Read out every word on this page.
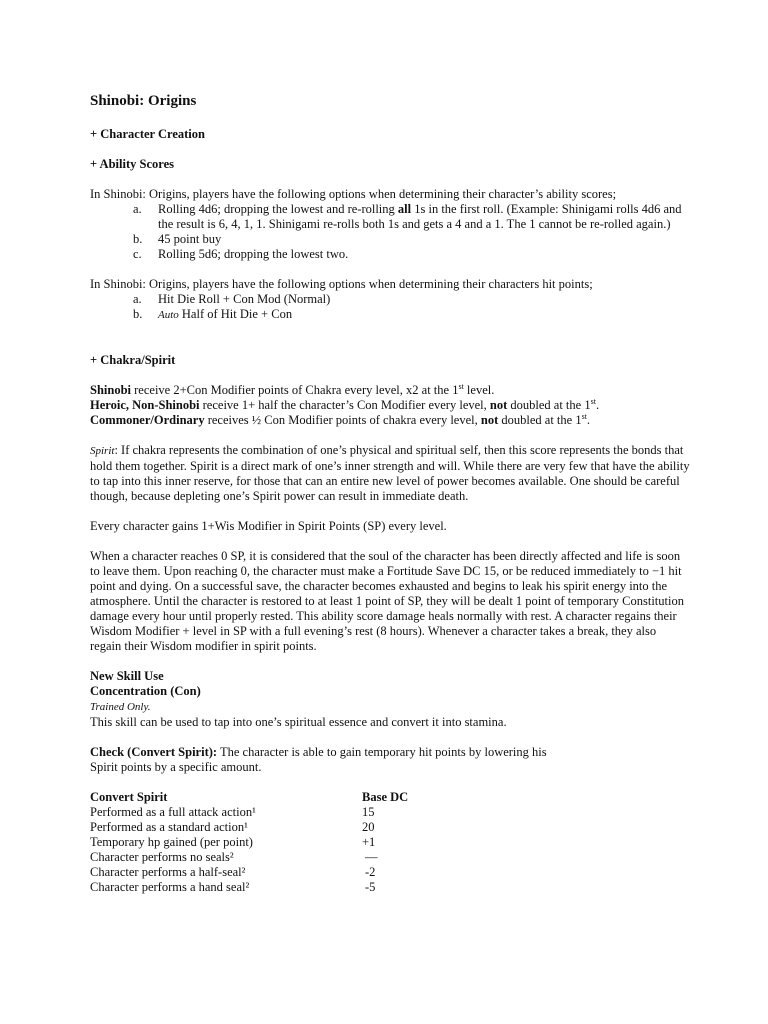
Shinobi: Origins
+ Character Creation
+ Ability Scores
In Shinobi: Origins, players have the following options when determining their character’s ability scores;
a. Rolling 4d6; dropping the lowest and re-rolling all 1s in the first roll. (Example: Shinigami rolls 4d6 and the result is 6, 4, 1, 1. Shinigami re-rolls both 1s and gets a 4 and a 1. The 1 cannot be re-rolled again.)
b. 45 point buy
c. Rolling 5d6; dropping the lowest two.
In Shinobi: Origins, players have the following options when determining their characters hit points;
a. Hit Die Roll + Con Mod (Normal)
b. Auto Half of Hit Die + Con
+ Chakra/Spirit

Shinobi receive 2+Con Modifier points of Chakra every level, x2 at the 1st level.
Heroic, Non-Shinobi receive 1+ half the character’s Con Modifier every level, not doubled at the 1st.
Commoner/Ordinary receives ½ Con Modifier points of chakra every level, not doubled at the 1st.

Spirit: If chakra represents the combination of one’s physical and spiritual self, then this score represents the bonds that hold them together. Spirit is a direct mark of one’s inner strength and will. While there are very few that have the ability to tap into this inner reserve, for those that can an entire new level of power becomes available. One should be careful though, because depleting one’s Spirit power can result in immediate death.

Every character gains 1+Wis Modifier in Spirit Points (SP) every level.

When a character reaches 0 SP, it is considered that the soul of the character has been directly affected and life is soon to leave them. Upon reaching 0, the character must make a Fortitude Save DC 15, or be reduced immediately to −1 hit point and dying. On a successful save, the character becomes exhausted and begins to leak his spirit energy into the atmosphere. Until the character is restored to at least 1 point of SP, they will be dealt 1 point of temporary Constitution damage every hour until properly rested. This ability score damage heals normally with rest. A character regains their Wisdom Modifier + level in SP with a full evening’s rest (8 hours). Whenever a character takes a break, they also regain their Wisdom modifier in spirit points.

New Skill Use
Concentration (Con)
Trained Only.
This skill can be used to tap into one’s spiritual essence and convert it into stamina.

Check (Convert Spirit): The character is able to gain temporary hit points by lowering his Spirit points by a specific amount.

Convert Spirit	Base DC
Performed as a full attack action¹	15
Performed as a standard action¹	20
Temporary hp gained (per point)	+1
Character performs no seals²	—
Character performs a half-seal²	-2
Character performs a hand seal²	-5
